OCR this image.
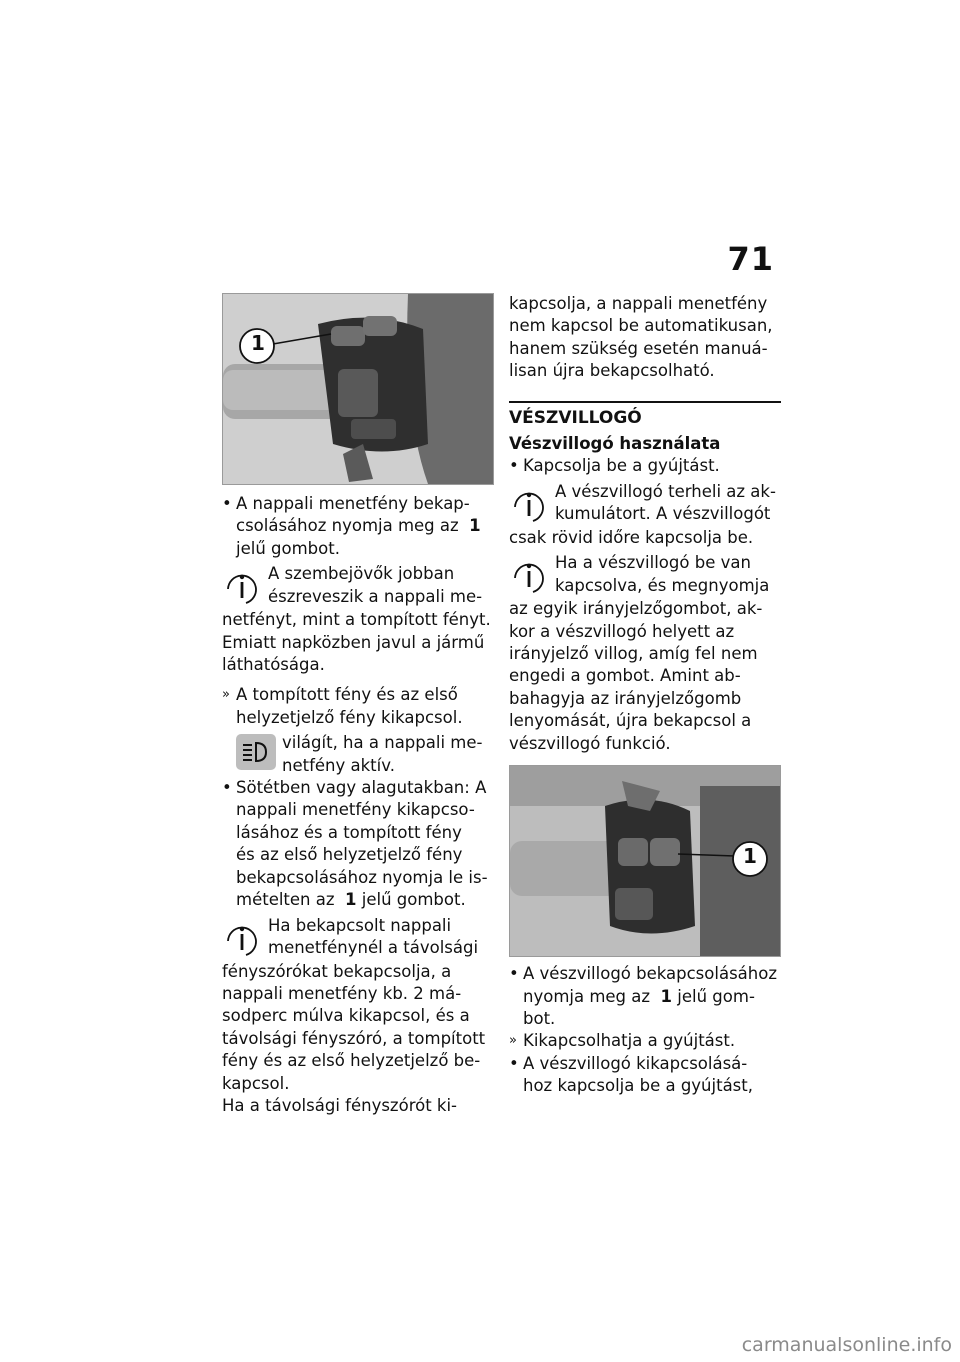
71
1
• A nappali menetfény bekap-
csolásához nyomja meg az 1
jelű gombot.
A szembejövők jobban
észreveszik a nappali me-
netfényt, mint a tompított fényt.
Emiatt napközben javul a jármű
láthatósága.
» A tompított fény és az első
helyzetjelző fény kikapcsol.
világít, ha a nappali me-
netfény aktív.
• Sötétben vagy alagutakban: A
nappali menetfény kikapcso-
lásához és a tompított fény
és az első helyzetjelző fény
bekapcsolásához nyomja le is-
mételten az 1 jelű gombot.
Ha bekapcsolt nappali
menetfénynél a távolsági
fényszórókat bekapcsolja, a
nappali menetfény kb. 2 má-
sodperc múlva kikapcsol, és a
távolsági fényszóró, a tompított
fény és az első helyzetjelző be-
kapcsol.
Ha a távolsági fényszórót ki-
kapcsolja, a nappali menetfény
nem kapcsol be automatikusan,
hanem szükség esetén manuá-
lisan újra bekapcsolható.
VÉSZVILLOGÓ
Vészvillogó használata
• Kapcsolja be a gyújtást.
A vészvillogó terheli az ak-
kumulátort. A vészvillogót
csak rövid időre kapcsolja be.
Ha a vészvillogó be van
kapcsolva, és megnyomja
az egyik irányjelzőgombot, ak-
kor a vészvillogó helyett az
irányjelző villog, amíg fel nem
engedi a gombot. Amint ab-
bahagyja az irányjelzőgomb
lenyomását, újra bekapcsol a
vészvillogó funkció.
1
• A vészvillogó bekapcsolásához
nyomja meg az 1 jelű gom-
bot.
» Kikapcsolhatja a gyújtást.
• A vészvillogó kikapcsolásá-
hoz kapcsolja be a gyújtást,
carmanualsonline.info
